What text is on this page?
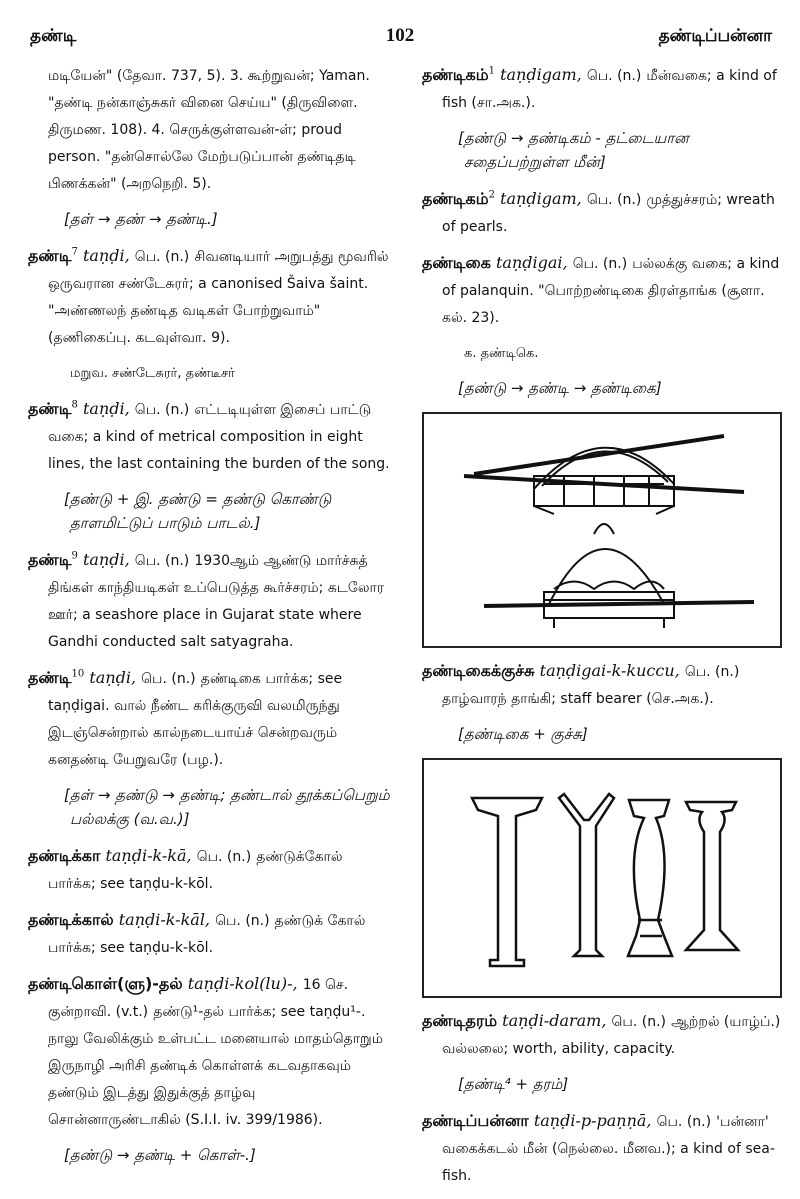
தண்டி	102	தண்டிப்பன்னா

மடியேன்" (தேவா. 737, 5). 3. கூற்றுவன்; Yaman. "தண்டி நன்காஞ்சுகர் வினை செய்ய" (திருவிளை. திருமண. 108). 4. செருக்குள்ளவன்-ள்; proud person. "தன்சொல்லே மேற்படுப்பான் தண்டிதடி பிணக்கன்" (அறநெறி. 5).

[தள் → தண் → தண்டி.]

தண்டி$^7$ taṇḍi, பெ. (n.) சிவனடியார் அறுபத்து மூவரில் ஒருவரான சண்டேசுரர்; a canonised Šaiva šaint. "அண்ணலந் தண்டித வடிகள் போற்றுவாம்" (தணிகைப்பு. கடவுள்வா. 9).

மறுவ. சண்டேசுரர், தண்டீசர்

தண்டி$^8$ taṇḍi, பெ. (n.) எட்டடியுள்ள இசைப் பாட்டு வகை; a kind of metrical composition in eight lines, the last containing the burden of the song.

[தண்டு + இ. தண்டு = தண்டு கொண்டு தாளமிட்டுப் பாடும் பாடல்.]

தண்டி$^9$ taṇḍi, பெ. (n.) 1930ஆம் ஆண்டு மார்ச்சுத் திங்கள் காந்தியடிகள் உப்பெடுத்த கூர்ச்சரம்; கடலோர ஊர்; a seashore place in Gujarat state where Gandhi conducted salt satyagraha.

தண்டி$^{10}$ taṇḍi, பெ. (n.) தண்டிகை பார்க்க; see taṇḍigai. வால் நீண்ட கரிக்குருவி வலமிருந்து இடஞ்சென்றால் கால்நடையாய்ச் சென்றவரும் கனதண்டி யேறுவரே (பழ.).

[தள் → தண்டு → தண்டி; தண்டால் தூக்கப்பெறும் பல்லக்கு (வ.வ.)]

தண்டிக்கா taṇḍi-k-kā, பெ. (n.) தண்டுக்கோல் பார்க்க; see taṇḍu-k-kōl.

தண்டிக்கால் taṇḍi-k-kāl, பெ. (n.) தண்டுக் கோல் பார்க்க; see taṇḍu-k-kōl.

தண்டிகொள்(ளு)-தல் taṇḍi-kol(lu)-, 16 செ. குன்றாவி. (v.t.) தண்டு¹-தல் பார்க்க; see taṇḍu¹-. நாலு வேலிக்கும் உள்பட்ட மனையால் மாதம்தொறும் இருநாழி அரிசி தண்டிக் கொள்ளக் கடவதாகவும் தண்டும் இடத்து இதுக்குத் தாழ்வு சொன்னாருண்டாகில் (S.I.I. iv. 399/1986).

[தண்டு → தண்டி + கொள்-.]

தண்டிகம்$^1$ taṇḍigam, பெ. (n.) மீன்வகை; a kind of fish (சா.அக.).

[தண்டு → தண்டிகம் - தட்டையான சதைப்பற்றுள்ள மீன்]

தண்டிகம்$^2$ taṇḍigam, பெ. (n.) முத்துச்சரம்; wreath of pearls.

தண்டிகை taṇḍigai, பெ. (n.) பல்லக்கு வகை; a kind of palanquin. "பொற்றண்டிகை திரள்தாங்க (சூளா. கல். 23).

க. தண்டிகெ.

[தண்டு → தண்டி → தண்டிகை]

தண்டிகைக்குச்சு taṇḍigai-k-kuccu, பெ. (n.) தாழ்வாரந் தாங்கி; staff bearer (செ.அக.).

[தண்டிகை + குச்சு]

தண்டிதரம் taṇḍi-daram, பெ. (n.) ஆற்றல் (யாழ்ப்.) வல்லலை; worth, ability, capacity.

[தண்டி⁴ + தரம்]

தண்டிப்பன்னா taṇḍi-p-paṇṇā, பெ. (n.) 'பன்னா' வகைக்கடல் மீன் (நெல்லை. மீனவ.); a kind of sea-fish.
